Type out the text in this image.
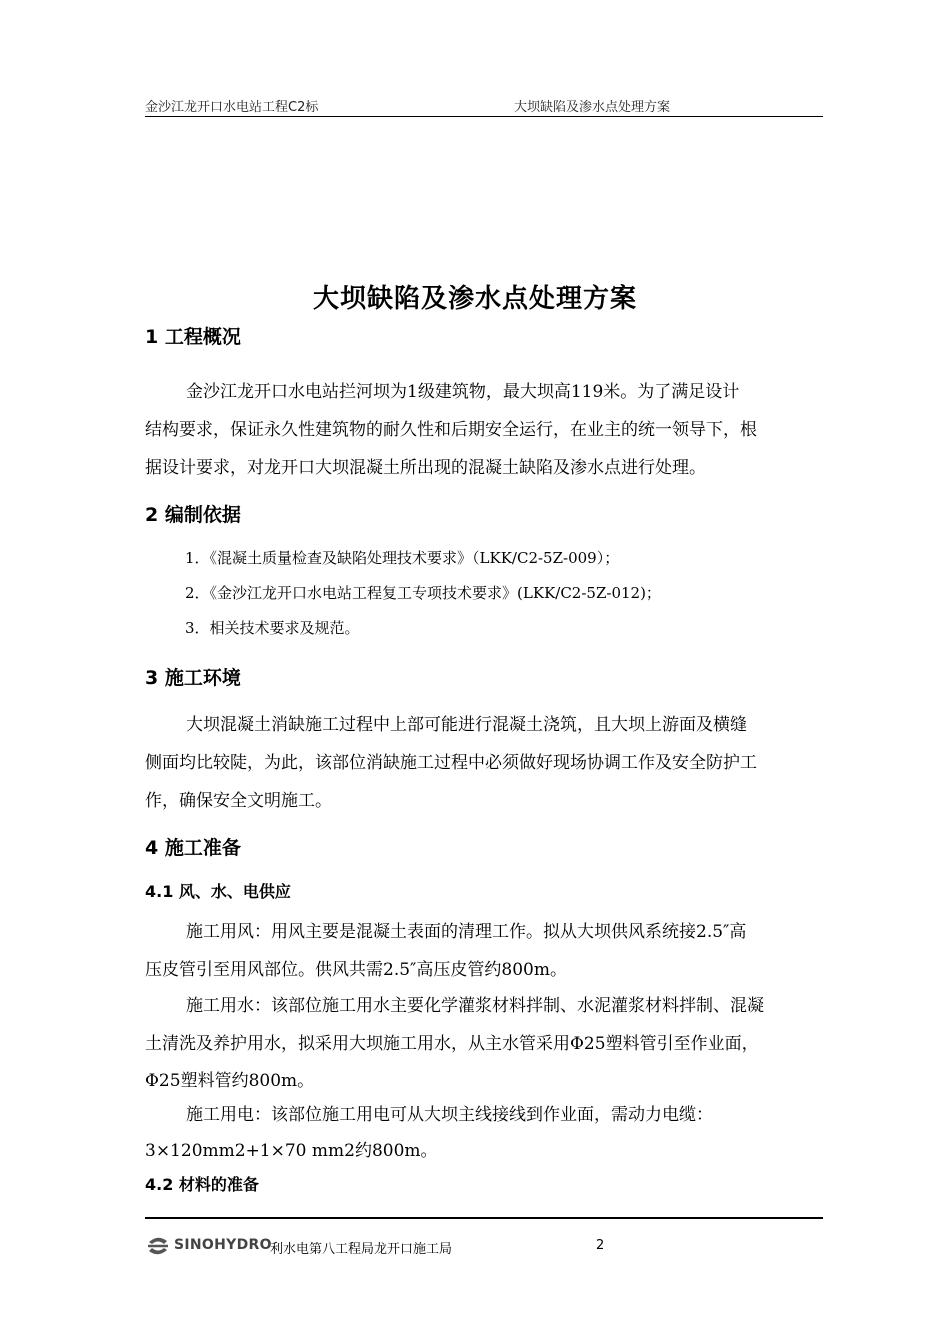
金沙江龙开口水电站工程C2标	大坝缺陷及渗水点处理方案
大坝缺陷及渗水点处理方案
1 工程概况
金沙江龙开口水电站拦河坝为1级建筑物，最大坝高119米。为了满足设计
结构要求，保证永久性建筑物的耐久性和后期安全运行，在业主的统一领导下，根
据设计要求，对龙开口大坝混凝土所出现的混凝土缺陷及渗水点进行处理。
2 编制依据
1．《混凝土质量检查及缺陷处理技术要求》（LKK/C2-5Z-009）；
2．《金沙江龙开口水电站工程复工专项技术要求》(LKK/C2-5Z-012)；
3．相关技术要求及规范。
3 施工环境
大坝混凝土消缺施工过程中上部可能进行混凝土浇筑，且大坝上游面及横缝
侧面均比较陡，为此，该部位消缺施工过程中必须做好现场协调工作及安全防护工
作，确保安全文明施工。
4 施工准备
4.1 风、水、电供应
施工用风：用风主要是混凝土表面的清理工作。拟从大坝供风系统接2.5″高
压皮管引至用风部位。供风共需2.5″高压皮管约800m。
施工用水：该部位施工用水主要化学灌浆材料拌制、水泥灌浆材料拌制、混凝
土清洗及养护用水，拟采用大坝施工用水，从主水管采用Φ25塑料管引至作业面，
Φ25塑料管约800m。
施工用电：该部位施工用电可从大坝主线接线到作业面，需动力电缆：
3×120mm2+1×70 mm2约800m。
4.2 材料的准备
SINOHYDRO
利水电第八工程局龙开口施工局	2
